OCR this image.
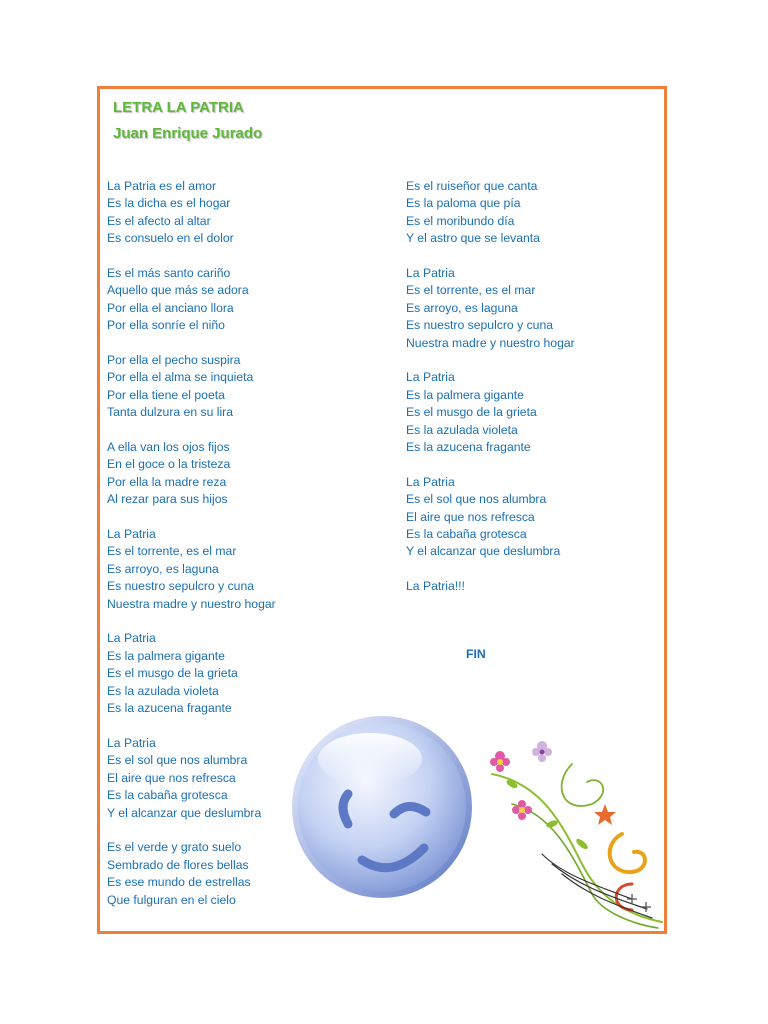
LETRA LA PATRIA
Juan Enrique Jurado
La Patria es el amor
Es la dicha es el hogar
Es el afecto al altar
Es consuelo en el dolor
Es el más santo cariño
Aquello que más se adora
Por ella el anciano llora
Por ella sonríe el niño
Por ella el pecho suspira
Por ella el alma se inquieta
Por ella tiene el poeta
Tanta dulzura en su lira
A ella van los ojos fijos
En el goce o la tristeza
Por ella la madre reza
Al rezar para sus hijos
La Patria
Es el torrente, es el mar
Es arroyo, es laguna
Es nuestro sepulcro y cuna
Nuestra madre y nuestro hogar
La Patria
Es la palmera gigante
Es el musgo de la grieta
Es la azulada violeta
Es la azucena fragante
La Patria
Es el sol que nos alumbra
El aire que nos refresca
Es la cabaña grotesca
Y el alcanzar que deslumbra
Es el verde y grato suelo
Sembrado de flores bellas
Es ese mundo de estrellas
Que fulguran en el cielo
Es el ruiseñor que canta
Es la paloma que pía
Es el moribundo día
Y el astro que se levanta
La Patria
Es el torrente, es el mar
Es arroyo, es laguna
Es nuestro sepulcro y cuna
Nuestra madre y nuestro hogar
La Patria
Es la palmera gigante
Es el musgo de la grieta
Es la azulada violeta
Es la azucena fragante
La Patria
Es el sol que nos alumbra
El aire que nos refresca
Es la cabaña grotesca
Y el alcanzar que deslumbra
La Patria!!!
FIN
